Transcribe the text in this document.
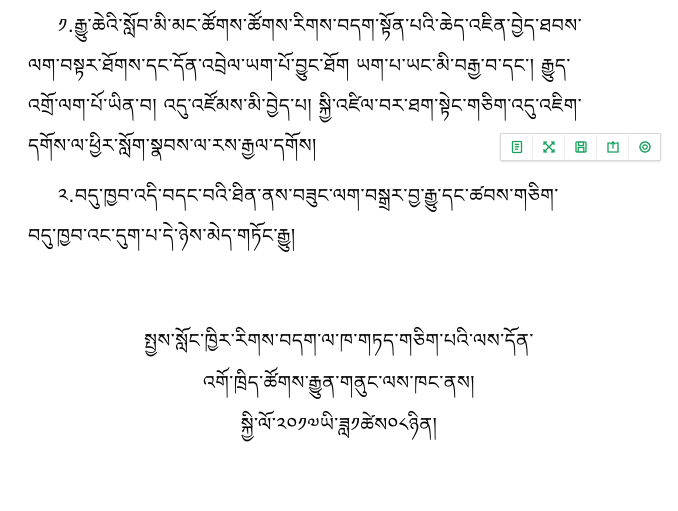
༡.རྒྱུ་ཆེའི་སློབ་མི་མང་ཚོགས་ཚོགས་རིགས་བདག་སྟོན་པའི་ཆེད་འཇིན་བྱེད་ཐབས་
ལག་བསྟར་ཐོགས་དང་དོན་འབྲེལ་ཡག་པོ་བྱུང་ཐོག ཡག་པ་ཡང་མི་བརྒྱ་བ་དང་། རྒྱུད་
འགྲོ་ལག་པོ་ཡིན་བ། འདུ་འཛོམས་མི་བྱེད་པ། སྐྱི་འཛིལ་བར་ཐག་སྟེང་གཅིག་འདུ་འཇིག་
དགོས་ལ་ཕྱིར་སློག་སྣབས་ལ་རས་རྒྱལ་དགོས།
༢.བདུ་ཁྱབ་འདི་བདང་བའི་ཐིན་ནས་བཟུང་ལག་བསྒྲར་བྱ་རྒྱུ་དང་ཚབས་གཅིག་
བདུ་ཁྱབ་འང་དུག་པ་དེ་ཉེས་མེད་གཏོང་རྒྱུ།
སྤྱས་སློང་ཁྱིར་རིགས་བདག་ལ་ཁ་གཏད་གཅིག་པའི་ལས་དོན་
འགོ་ཁྲིད་ཚོགས་རྒྱུན་གནུང་ལས་ཁང་ནས།
སྐྱི་ལོ་༢༠༡༧ཡི་ཟླ༡ཚེས༠༨ཉིན།
